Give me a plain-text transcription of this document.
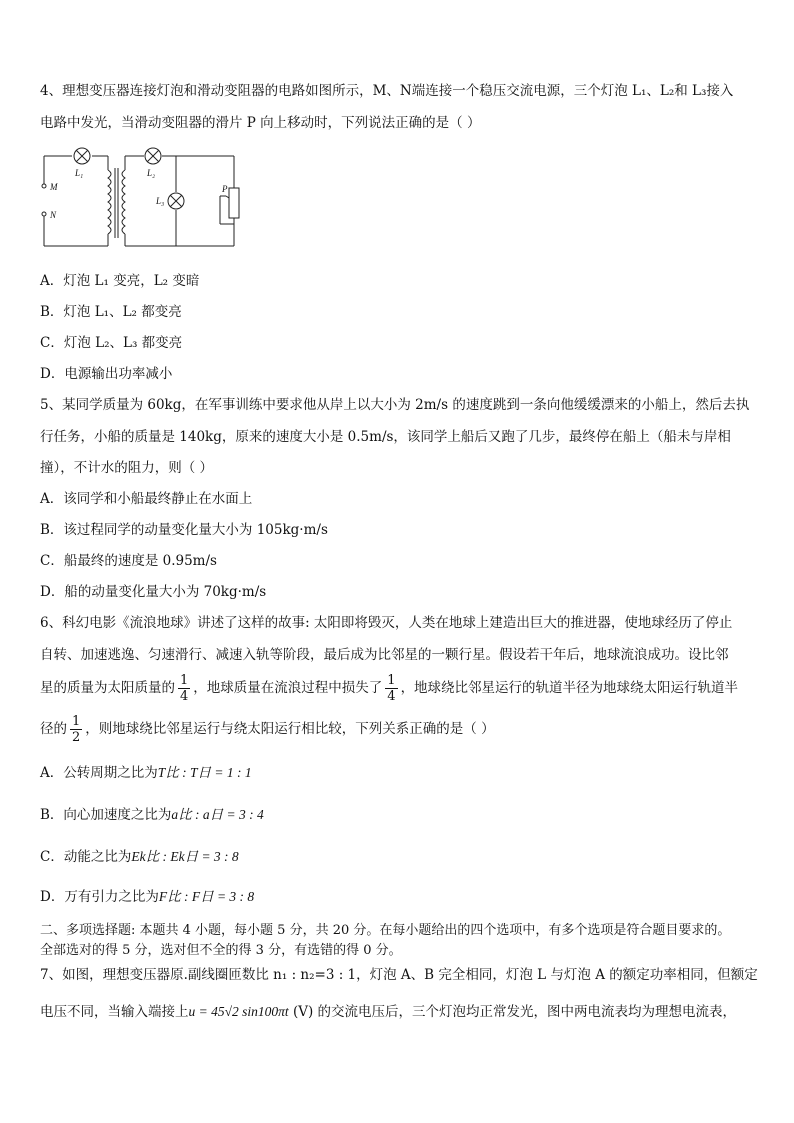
4、理想变压器连接灯泡和滑动变阻器的电路如图所示，M、N端连接一个稳压交流电源，三个灯泡 L₁、L₂和 L₃接入
电路中发光，当滑动变阻器的滑片 P 向上移动时，下列说法正确的是（ ）
M
N
L₁	L₂
L₃
P
A．灯泡 L₁ 变亮，L₂ 变暗
B．灯泡 L₁、L₂ 都变亮
C．灯泡 L₂、L₃ 都变亮
D．电源输出功率减小
5、某同学质量为 60kg，在军事训练中要求他从岸上以大小为 2m/s 的速度跳到一条向他缓缓漂来的小船上，然后去执
行任务，小船的质量是 140kg，原来的速度大小是 0.5m/s，该同学上船后又跑了几步，最终停在船上（船未与岸相
撞），不计水的阻力，则（ ）
A．该同学和小船最终静止在水面上
B．该过程同学的动量变化量大小为 105kg·m/s
C．船最终的速度是 0.95m/s
D．船的动量变化量大小为 70kg·m/s
6、科幻电影《流浪地球》讲述了这样的故事: 太阳即将毁灭，人类在地球上建造出巨大的推进器，使地球经历了停止
自转、加速逃逸、匀速滑行、减速入轨等阶段，最后成为比邻星的一颗行星。假设若干年后，地球流浪成功。设比邻
星的质量为太阳质量的 $\frac{1}{4}$ ，地球质量在流浪过程中损失了 $\frac{1}{4}$ ，地球绕比邻星运行的轨道半径为地球绕太阳运行轨道半
径的 $\frac{1}{2}$ ，则地球绕比邻星运行与绕太阳运行相比较，下列关系正确的是（ ）
A．公转周期之比为T比 : T日 = 1 : 1
B．向心加速度之比为a比 : a日 = 3 : 4
C．动能之比为Ek比 : Ek日 = 3 : 8
D．万有引力之比为F比 : F日 = 3 : 8
二、多项选择题: 本题共 4 小题，每小题 5 分，共 20 分。在每小题给出的四个选项中，有多个选项是符合题目要求的。
全部选对的得 5 分，选对但不全的得 3 分，有选错的得 0 分。
7、如图，理想变压器原.副线圈匝数比 n₁ : n₂=3 : 1，灯泡 A、B 完全相同，灯泡 L 与灯泡 A 的额定功率相同，但额定
电压不同，当输入端接上u = 45√2 sin100πt (V) 的交流电压后，三个灯泡均正常发光，图中两电流表均为理想电流表，
